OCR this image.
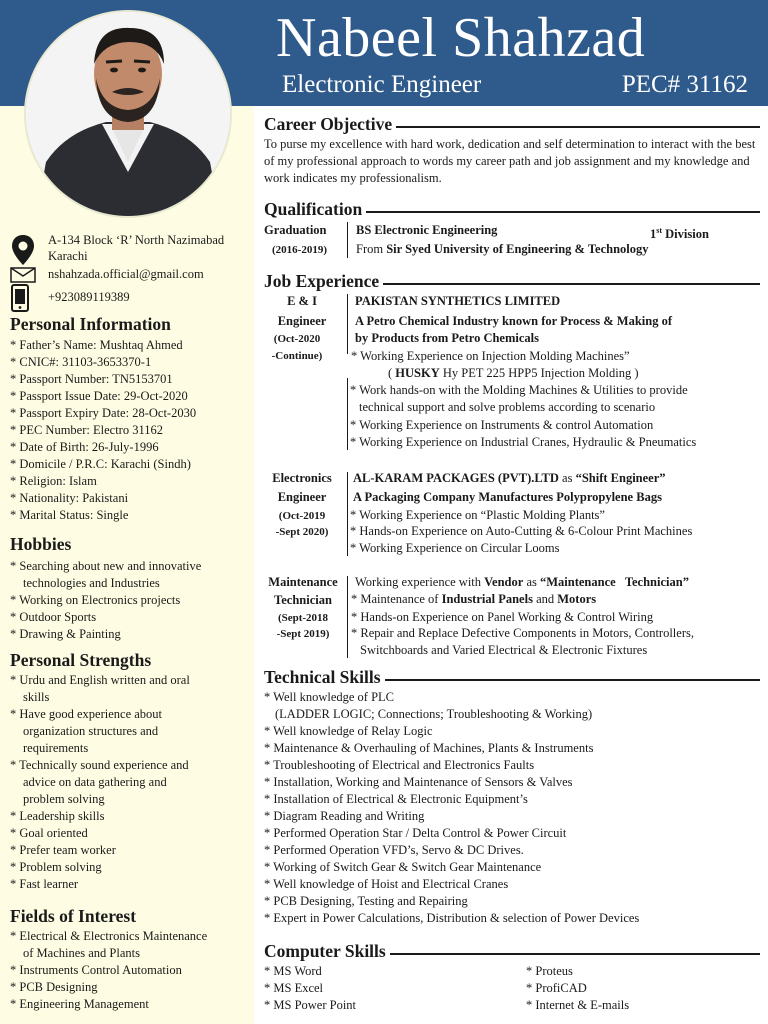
Nabeel Shahzad
Electronic Engineer	PEC# 31162
A-134 Block ‘R’ North Nazimabad
Karachi
nshahzada.official@gmail.com
+923089119389
Personal Information
* Father’s Name: Mushtaq Ahmed
* CNIC#: 31103-3653370-1
* Passport Number: TN5153701
* Passport Issue Date: 29-Oct-2020
* Passport Expiry Date: 28-Oct-2030
* PEC Number: Electro 31162
* Date of Birth: 26-July-1996
* Domicile / P.R.C: Karachi (Sindh)
* Religion: Islam
* Nationality: Pakistani
* Marital Status: Single
Hobbies
* Searching about new and innovative
technologies and Industries
* Working on Electronics projects
* Outdoor Sports
* Drawing & Painting
Personal Strengths
* Urdu and English written and oral
skills
* Have good experience about
organization structures and
requirements
* Technically sound experience and
advice on data gathering and
problem solving
* Leadership skills
* Goal oriented
* Prefer team worker
* Problem solving
* Fast learner
Fields of Interest
* Electrical & Electronics Maintenance
of Machines and Plants
* Instruments Control Automation
* PCB Designing
* Engineering Management
Career Objective
To purse my excellence with hard work, dedication and self determination to interact with the best of my professional approach to words my career path and job assignment and my knowledge and work indicates my professionalism.
Qualification
Graduation
(2016-2019)
BS Electronic Engineering	1st Division
From Sir Syed University of Engineering & Technology
Job Experience
E & I
Engineer
(Oct-2020
-Continue)
PAKISTAN SYNTHETICS LIMITED
A Petro Chemical Industry known for Process & Making of
by Products from Petro Chemicals
* Working Experience on Injection Molding Machines”
( HUSKY Hy PET 225 HPP5 Injection Molding )
* Work hands-on with the Molding Machines & Utilities to provide
technical support and solve problems according to scenario
* Working Experience on Instruments & control Automation
* Working Experience on Industrial Cranes, Hydraulic & Pneumatics
Electronics
Engineer
(Oct-2019
-Sept 2020)
AL-KARAM PACKAGES (PVT).LTD as “Shift Engineer”
A Packaging Company Manufactures Polypropylene Bags
* Working Experience on “Plastic Molding Plants”
* Hands-on Experience on Auto-Cutting & 6-Colour Print Machines
* Working Experience on Circular Looms
Maintenance
Technician
(Sept-2018
-Sept 2019)
Working experience with Vendor as “Maintenance   Technician”
* Maintenance of Industrial Panels and Motors
* Hands-on Experience on Panel Working & Control Wiring
* Repair and Replace Defective Components in Motors, Controllers,
Switchboards and Varied Electrical & Electronic Fixtures
Technical Skills
* Well knowledge of PLC
(LADDER LOGIC; Connections; Troubleshooting & Working)
* Well knowledge of Relay Logic
* Maintenance & Overhauling of Machines, Plants & Instruments
* Troubleshooting of Electrical and Electronics Faults
* Installation, Working and Maintenance of Sensors & Valves
* Installation of Electrical & Electronic Equipment’s
* Diagram Reading and Writing
* Performed Operation Star / Delta Control & Power Circuit
* Performed Operation VFD’s, Servo & DC Drives.
* Working of Switch Gear & Switch Gear Maintenance
* Well knowledge of Hoist and Electrical Cranes
* PCB Designing, Testing and Repairing
* Expert in Power Calculations, Distribution & selection of Power Devices
Computer Skills
* MS Word
* MS Excel
* MS Power Point
* Proteus
* ProfiCAD
* Internet & E-mails
